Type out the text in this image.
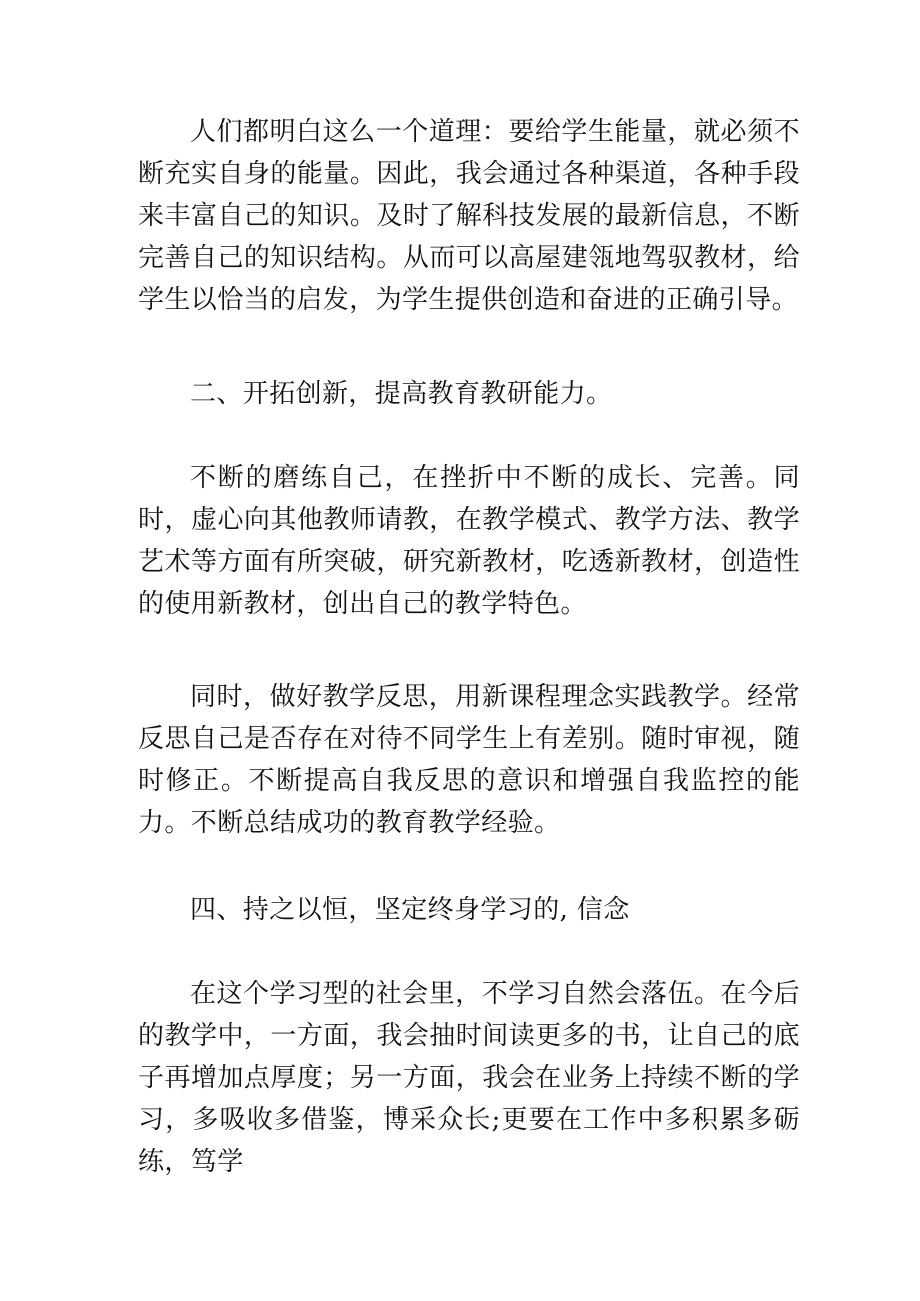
人们都明白这么一个道理：要给学生能量，就必须不断充实自身的能量。因此，我会通过各种渠道，各种手段来丰富自己的知识。及时了解科技发展的最新信息，不断完善自己的知识结构。从而可以高屋建瓴地驾驭教材，给学生以恰当的启发，为学生提供创造和奋进的正确引导。

二、开拓创新，提高教育教研能力。

不断的磨练自己，在挫折中不断的成长、完善。同时，虚心向其他教师请教，在教学模式、教学方法、教学艺术等方面有所突破，研究新教材，吃透新教材，创造性的使用新教材，创出自己的教学特色。

同时，做好教学反思，用新课程理念实践教学。经常反思自己是否存在对待不同学生上有差别。随时审视，随时修正。不断提高自我反思的意识和增强自我监控的能力。不断总结成功的教育教学经验。

四、持之以恒，坚定终身学习的, 信念

在这个学习型的社会里，不学习自然会落伍。在今后的教学中，一方面，我会抽时间读更多的书，让自己的底子再增加点厚度；另一方面，我会在业务上持续不断的学习，多吸收多借鉴，博采众长;更要在工作中多积累多砺练，笃学
